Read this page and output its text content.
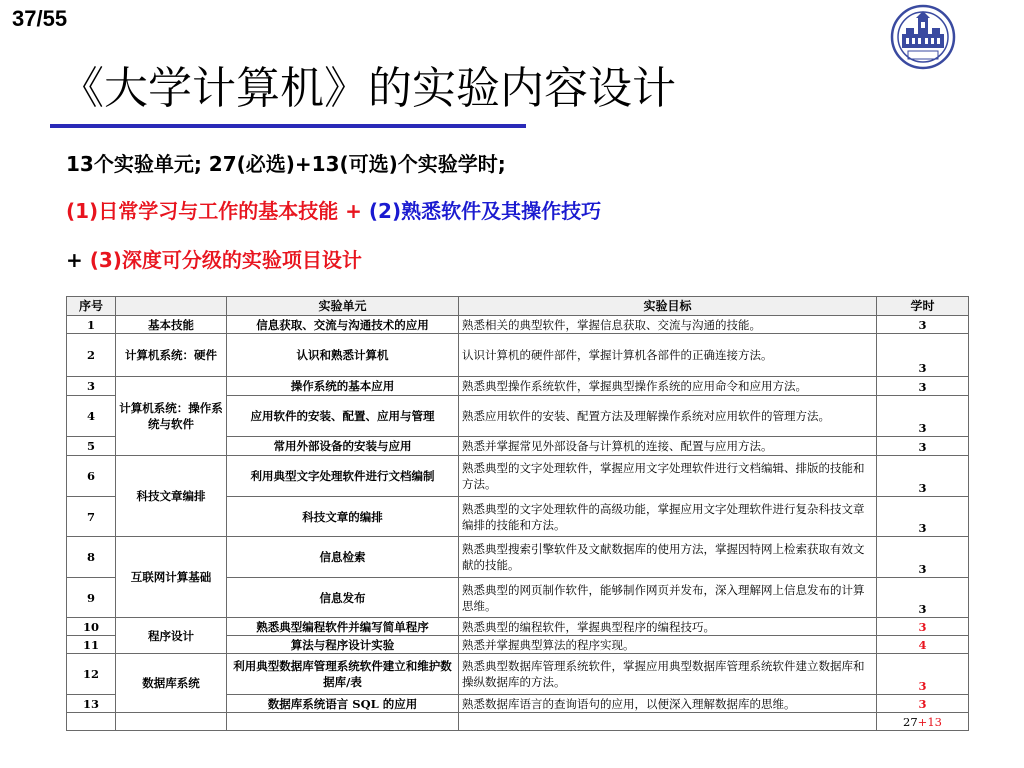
37/55
《大学计算机》的实验内容设计
13个实验单元; 27(必选)+13(可选)个实验学时;
(1)日常学习与工作的基本技能 + (2)熟悉软件及其操作技巧
+ (3)深度可分级的实验项目设计
序号		实验单元	实验目标	学时
1	基本技能	信息获取、交流与沟通技术的应用	熟悉相关的典型软件，掌握信息获取、交流与沟通的技能。	3
2	计算机系统：硬件	认识和熟悉计算机	认识计算机的硬件部件，掌握计算机各部件的正确连接方法。	3
3	计算机系统：操作系统与软件	操作系统的基本应用	熟悉典型操作系统软件，掌握典型操作系统的应用命令和应用方法。	3
4		应用软件的安装、配置、应用与管理	熟悉应用软件的安装、配置方法及理解操作系统对应用软件的管理方法。	3
5		常用外部设备的安装与应用	熟悉并掌握常见外部设备与计算机的连接、配置与应用方法。	3
6	科技文章编排	利用典型文字处理软件进行文档编制	熟悉典型的文字处理软件，掌握应用文字处理软件进行文档编辑、排版的技能和方法。	3
7		科技文章的编排	熟悉典型的文字处理软件的高级功能，掌握应用文字处理软件进行复杂科技文章编排的技能和方法。	3
8	互联网计算基础	信息检索	熟悉典型搜索引擎软件及文献数据库的使用方法，掌握因特网上检索获取有效文献的技能。	3
9		信息发布	熟悉典型的网页制作软件，能够制作网页并发布，深入理解网上信息发布的计算思维。	3
10	程序设计	熟悉典型编程软件并编写简单程序	熟悉典型的编程软件，掌握典型程序的编程技巧。	3
11		算法与程序设计实验	熟悉并掌握典型算法的程序实现。	4
12	数据库系统	利用典型数据库管理系统软件建立和维护数据库/表	熟悉典型数据库管理系统软件，掌握应用典型数据库管理系统软件建立数据库和操纵数据库的方法。	3
13		数据库系统语言 SQL 的应用	熟悉数据库语言的查询语句的应用，以便深入理解数据库的思维。	3
				27+13
